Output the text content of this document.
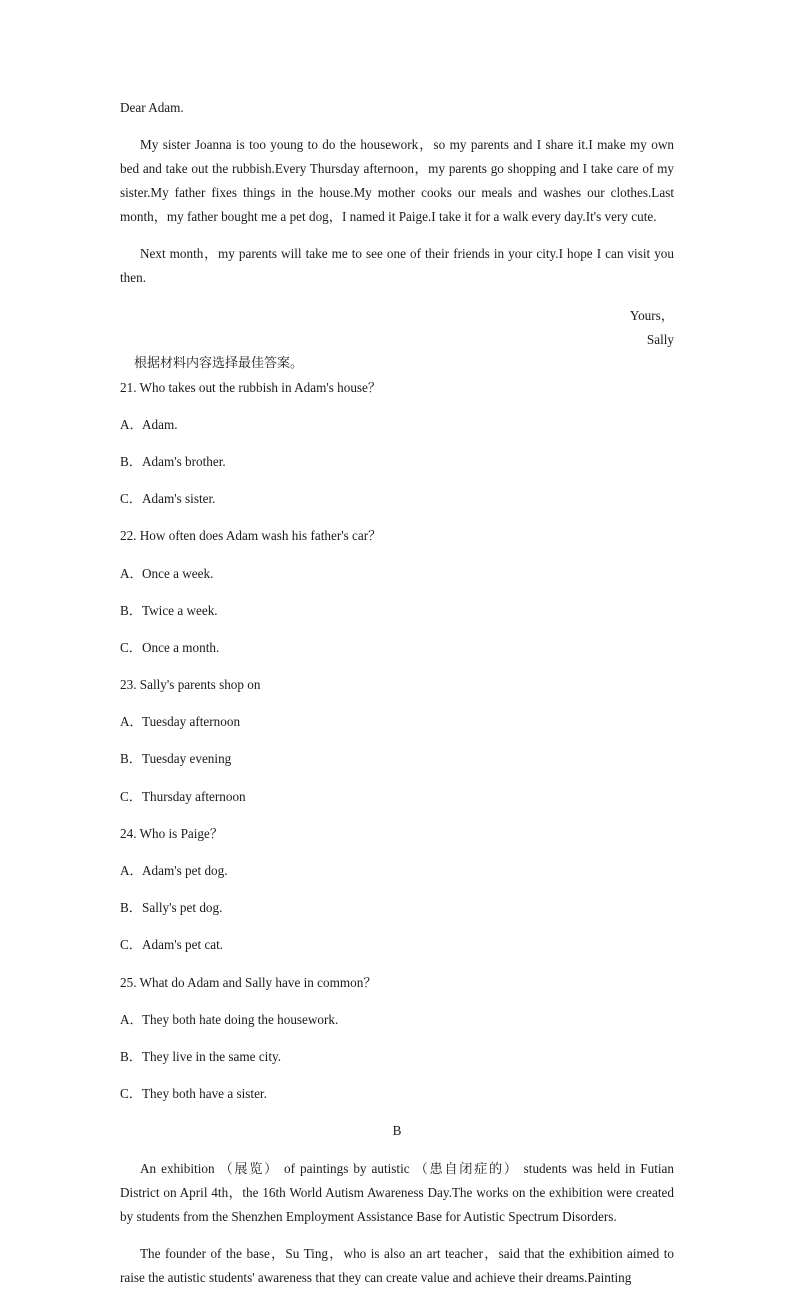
Dear Adam.

My sister Joanna is too young to do the housework，so my parents and I share it.I make my own bed and take out the rubbish.Every Thursday afternoon，my parents go shopping and I take care of my sister.My father fixes things in the house.My mother cooks our meals and washes our clothes.Last month，my father bought me a pet dog，I named it Paige.I take it for a walk every day.It's very cute.

Next month，my parents will take me to see one of their friends in your city.I hope I can visit you then.

Yours，

Sally

根据材料内容选择最佳答案。

21. Who takes out the rubbish in Adam's house？

A．Adam.

B．Adam's brother.

C．Adam's sister.

22. How often does Adam wash his father's car？

A．Once a week.

B．Twice a week.

C．Once a month.

23. Sally's parents shop on

A．Tuesday afternoon

B．Tuesday evening

C．Thursday afternoon

24. Who is Paige？

A．Adam's pet dog.

B．Sally's pet dog.

C．Adam's pet cat.

25. What do Adam and Sally have in common？

A．They both hate doing the housework.

B．They live in the same city.

C．They both have a sister.

B

An exhibition （展览） of paintings by autistic （患自闭症的） students was held in Futian District on April 4th，the 16th World Autism Awareness Day.The works on the exhibition were created by students from the Shenzhen Employment Assistance Base for Autistic Spectrum Disorders.

The founder of the base，Su Ting，who is also an art teacher，said that the exhibition aimed to raise the autistic students' awareness that they can create value and achieve their dreams.Painting
